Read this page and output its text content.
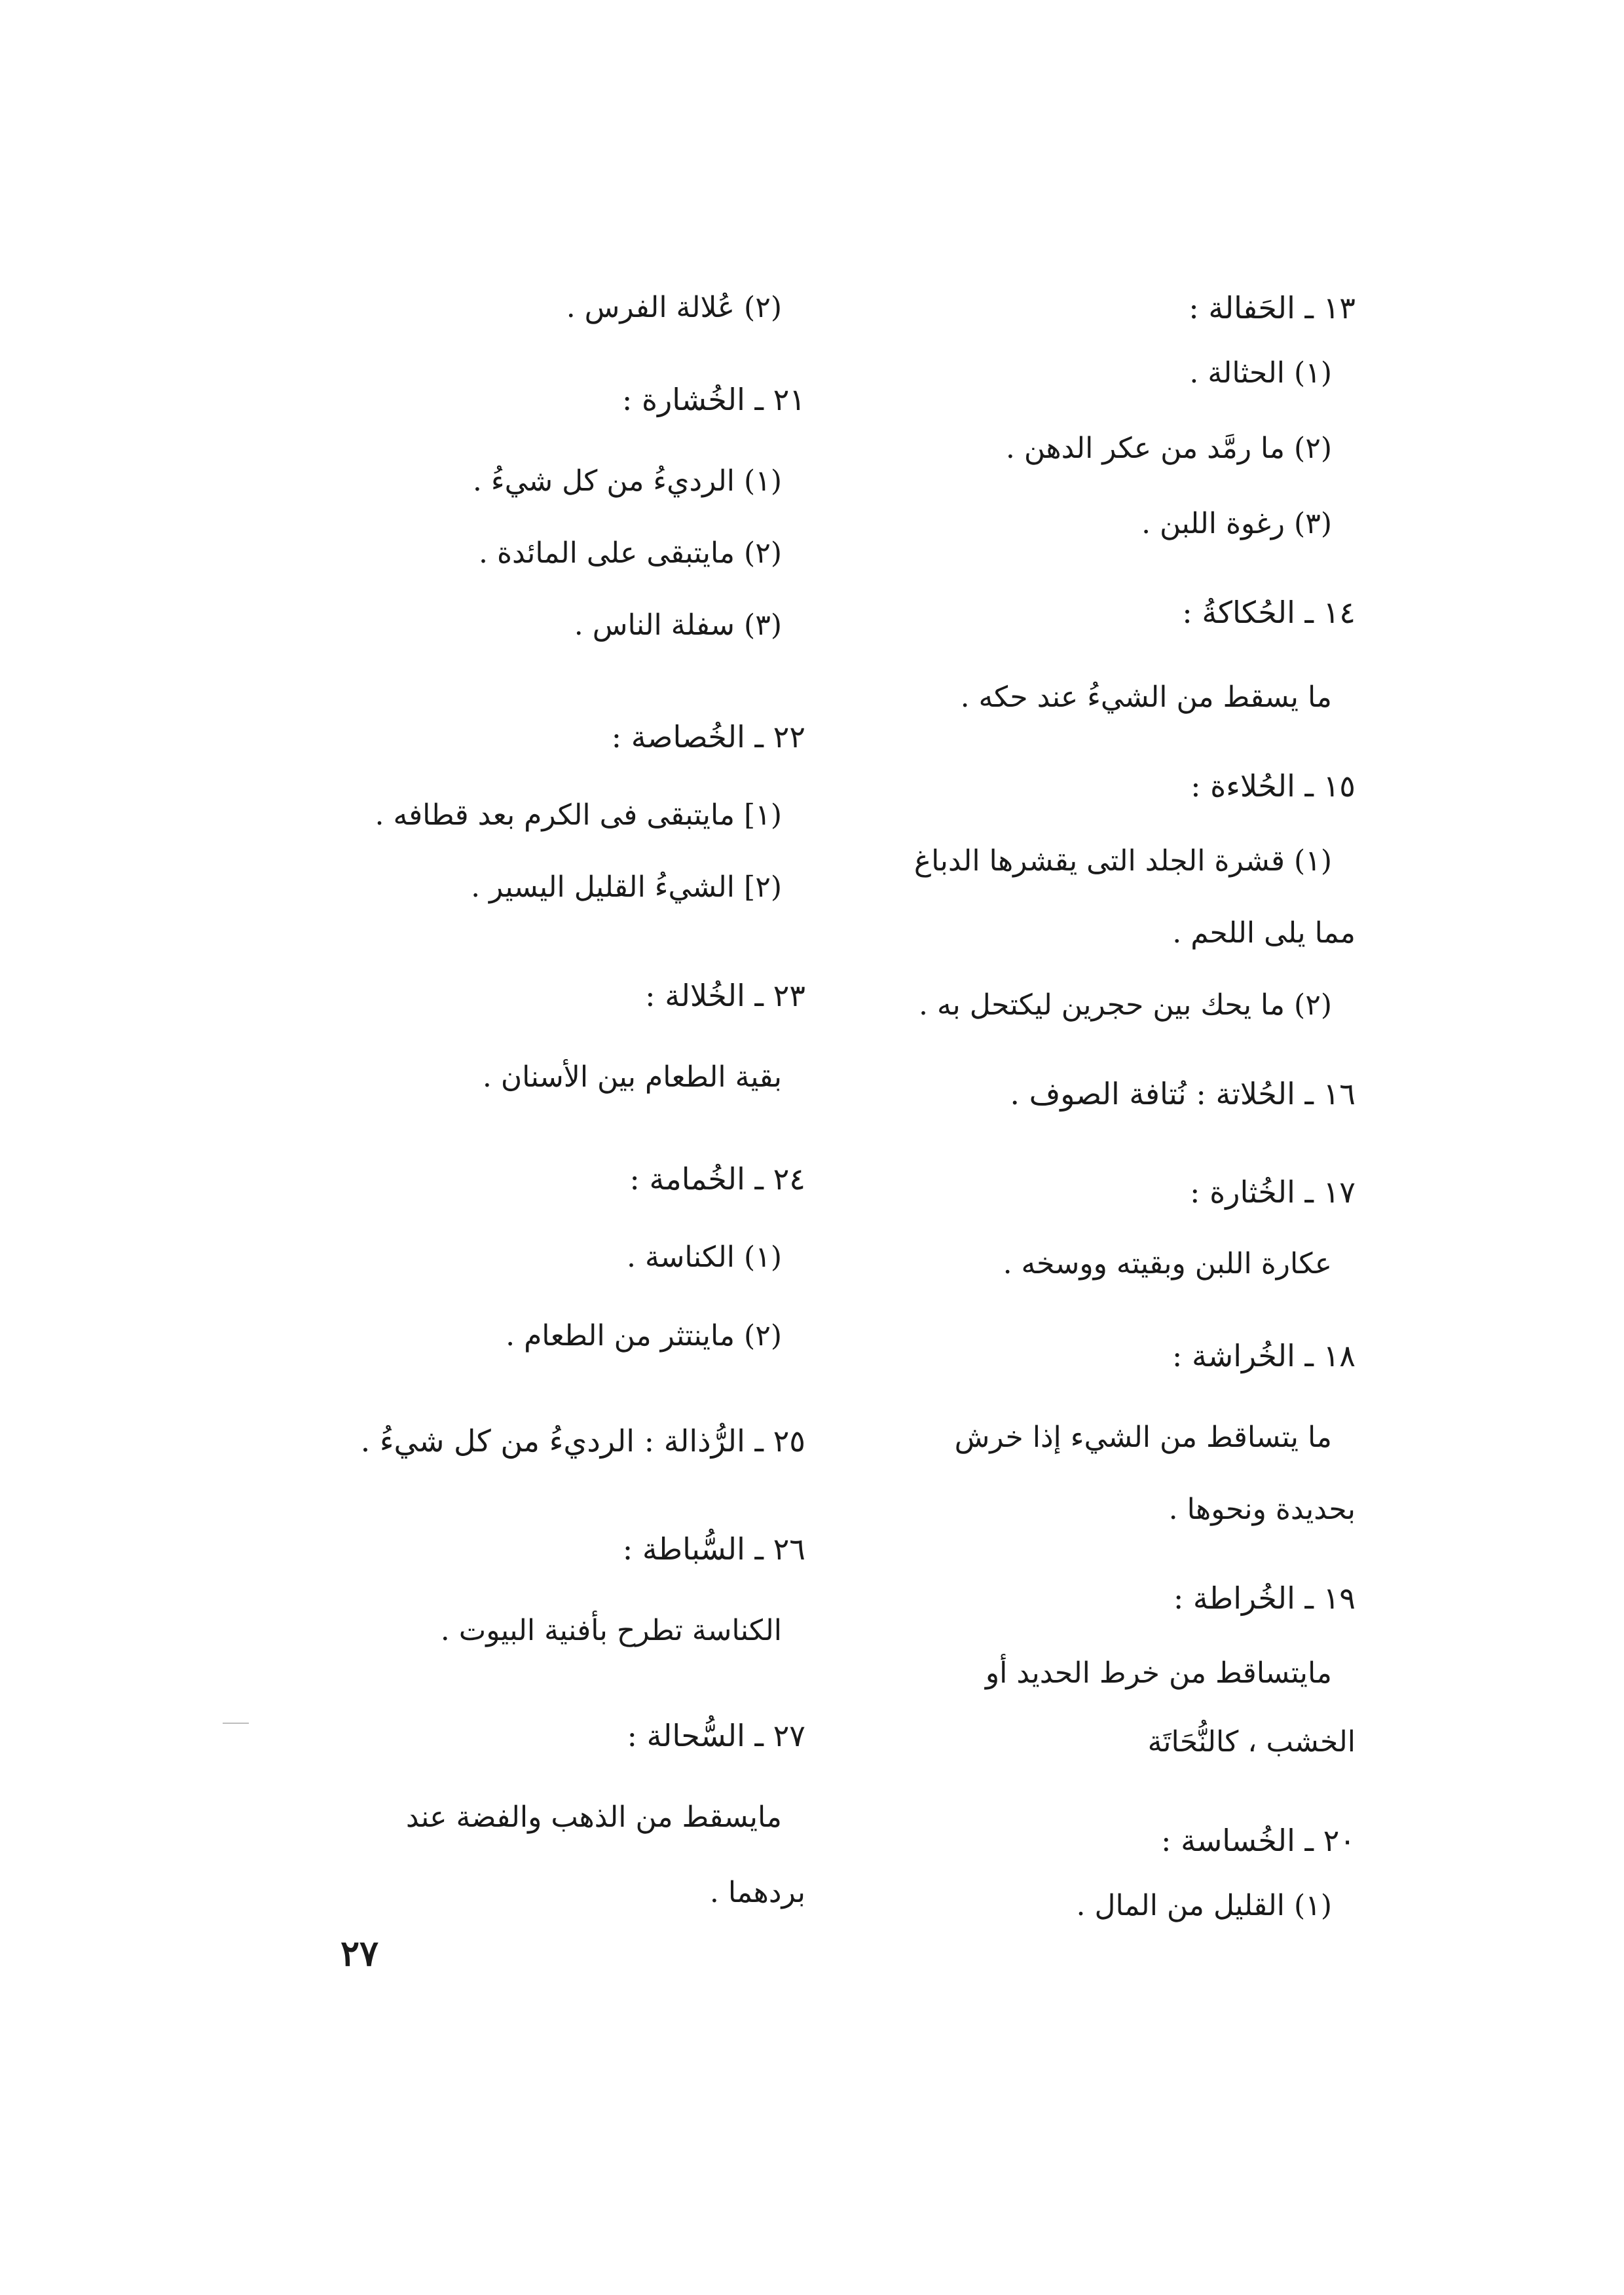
١٣ ـ الحَفالة :
(١) الحثالة .
(٢) ما رمَّد من عكر الدهن .
(٣) رغوة اللبن .
١٤ ـ الحُكاكةُ :
ما يسقط من الشيءُ عند حكه .
١٥ ـ الحُلاءة :
(١) قشرة الجلد التى يقشرها الدباغ
مما يلى اللحم .
(٢) ما يحك بين حجرين ليكتحل به .
١٦ ـ الحُلاتة : نُتافة الصوف .
١٧ ـ الخُثارة :
عكارة اللبن وبقيته ووسخه .
١٨ ـ الخُراشة :
ما يتساقط من الشيء إذا خرش
بحديدة ونحوها .
١٩ ـ الخُراطة :
مايتساقط من خرط الحديد أو
الخشب ، كالنُّحَاتَة
٢٠ ـ الخُساسة :
(١) القليل من المال .
(٢) عُلالة الفرس .
٢١ ـ الخُشارة :
(١) الرديءُ من كل شيءُ .
(٢) مايتبقى على المائدة .
(٣) سفلة الناس .
٢٢ ـ الخُصاصة :
(١] مايتبقى فى الكرم بعد قطافه .
(٢] الشيءُ القليل اليسير .
٢٣ ـ الخُلالة :
بقية الطعام بين الأسنان .
٢٤ ـ الخُمامة :
(١) الكناسة .
(٢) ماينتثر من الطعام .
٢٥ ـ الرُّذالة : الرديءُ من كل شيءُ .
٢٦ ـ السُّباطة :
الكناسة تطرح بأفنية البيوت .
٢٧ ـ السُّحالة :
مايسقط من الذهب والفضة عند
بردهما .
٢٧
